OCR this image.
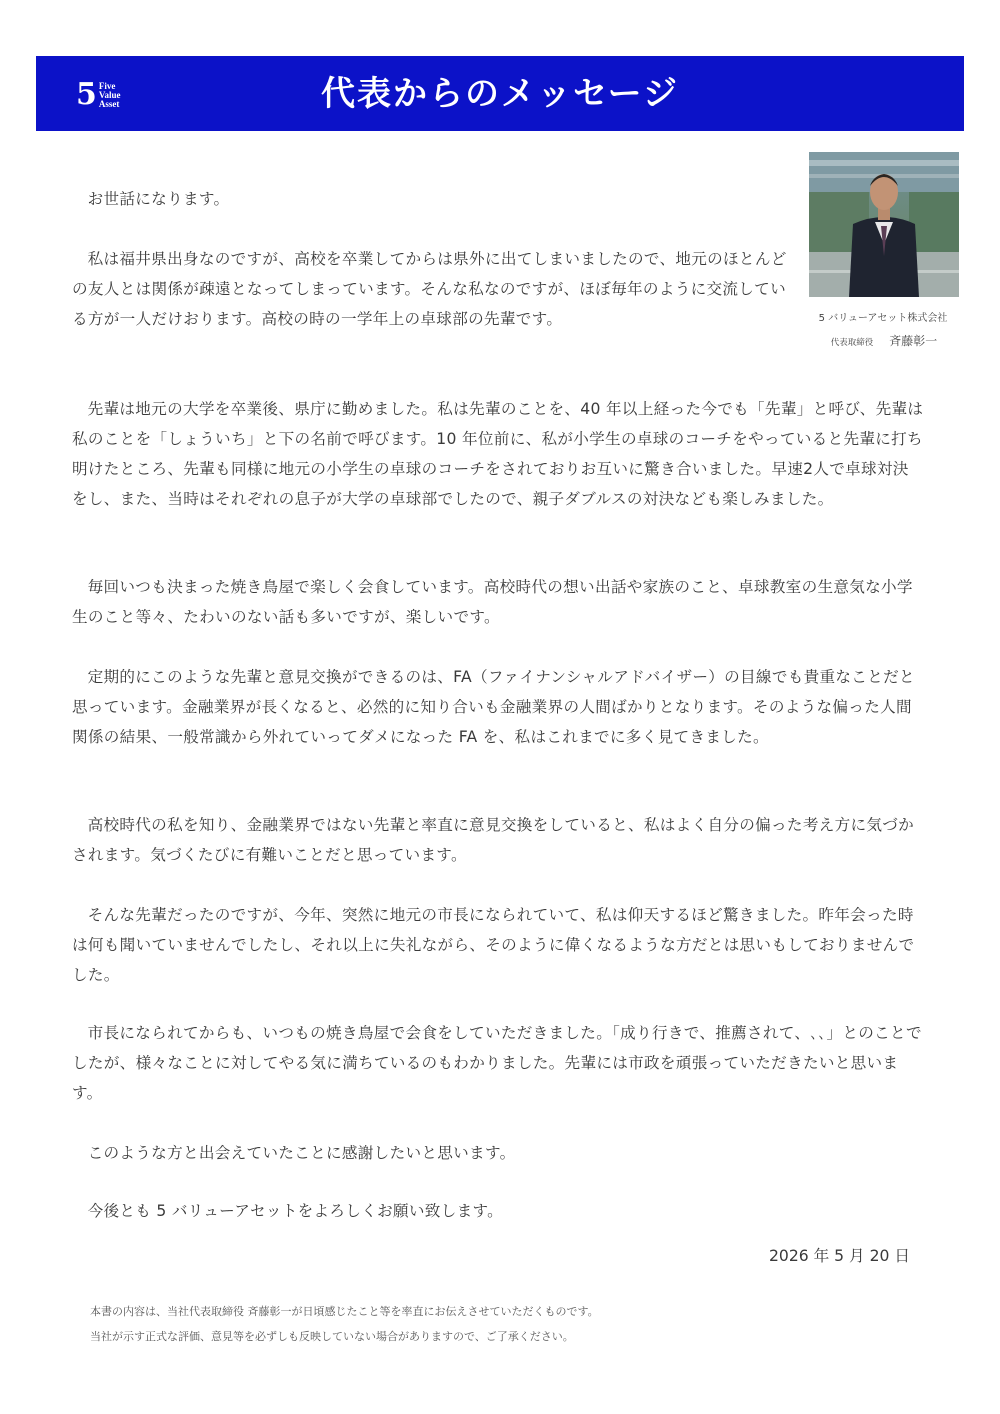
5 Five
Value
Asset	代表からのメッセージ
5 バリューアセット株式会社
代表取締役 斉藤彰一

お世話になります。

私は福井県出身なのですが、高校を卒業してからは県外に出てしまいましたので、地元のほとんどの友人とは関係が疎遠となってしまっています。そんな私なのですが、ほぼ毎年のように交流している方が一人だけおります。高校の時の一学年上の卓球部の先輩です。

先輩は地元の大学を卒業後、県庁に勤めました。私は先輩のことを、40 年以上経った今でも「先輩」と呼び、先輩は私のことを「しょういち」と下の名前で呼びます。10 年位前に、私が小学生の卓球のコーチをやっていると先輩に打ち明けたところ、先輩も同様に地元の小学生の卓球のコーチをされておりお互いに驚き合いました。早速2人で卓球対決をし、また、当時はそれぞれの息子が大学の卓球部でしたので、親子ダブルスの対決なども楽しみました。

毎回いつも決まった焼き鳥屋で楽しく会食しています。高校時代の想い出話や家族のこと、卓球教室の生意気な小学生のこと等々、たわいのない話も多いですが、楽しいです。

定期的にこのような先輩と意見交換ができるのは、FA（ファイナンシャルアドバイザー）の目線でも貴重なことだと思っています。金融業界が長くなると、必然的に知り合いも金融業界の人間ばかりとなります。そのような偏った人間関係の結果、一般常識から外れていってダメになった FA を、私はこれまでに多く見てきました。

高校時代の私を知り、金融業界ではない先輩と率直に意見交換をしていると、私はよく自分の偏った考え方に気づかされます。気づくたびに有難いことだと思っています。

そんな先輩だったのですが、今年、突然に地元の市長になられていて、私は仰天するほど驚きました。昨年会った時は何も聞いていませんでしたし、それ以上に失礼ながら、そのように偉くなるような方だとは思いもしておりませんでした。

市長になられてからも、いつもの焼き鳥屋で会食をしていただきました。「成り行きで、推薦されて、､､」とのことでしたが、様々なことに対してやる気に満ちているのもわかりました。先輩には市政を頑張っていただきたいと思います。

このような方と出会えていたことに感謝したいと思います。

今後とも 5 バリューアセットをよろしくお願い致します。

2026 年 5 月 20 日
本書の内容は、当社代表取締役 斉藤彰一が日頃感じたこと等を率直にお伝えさせていただくものです。
当社が示す正式な評価、意見等を必ずしも反映していない場合がありますので、ご了承ください。
